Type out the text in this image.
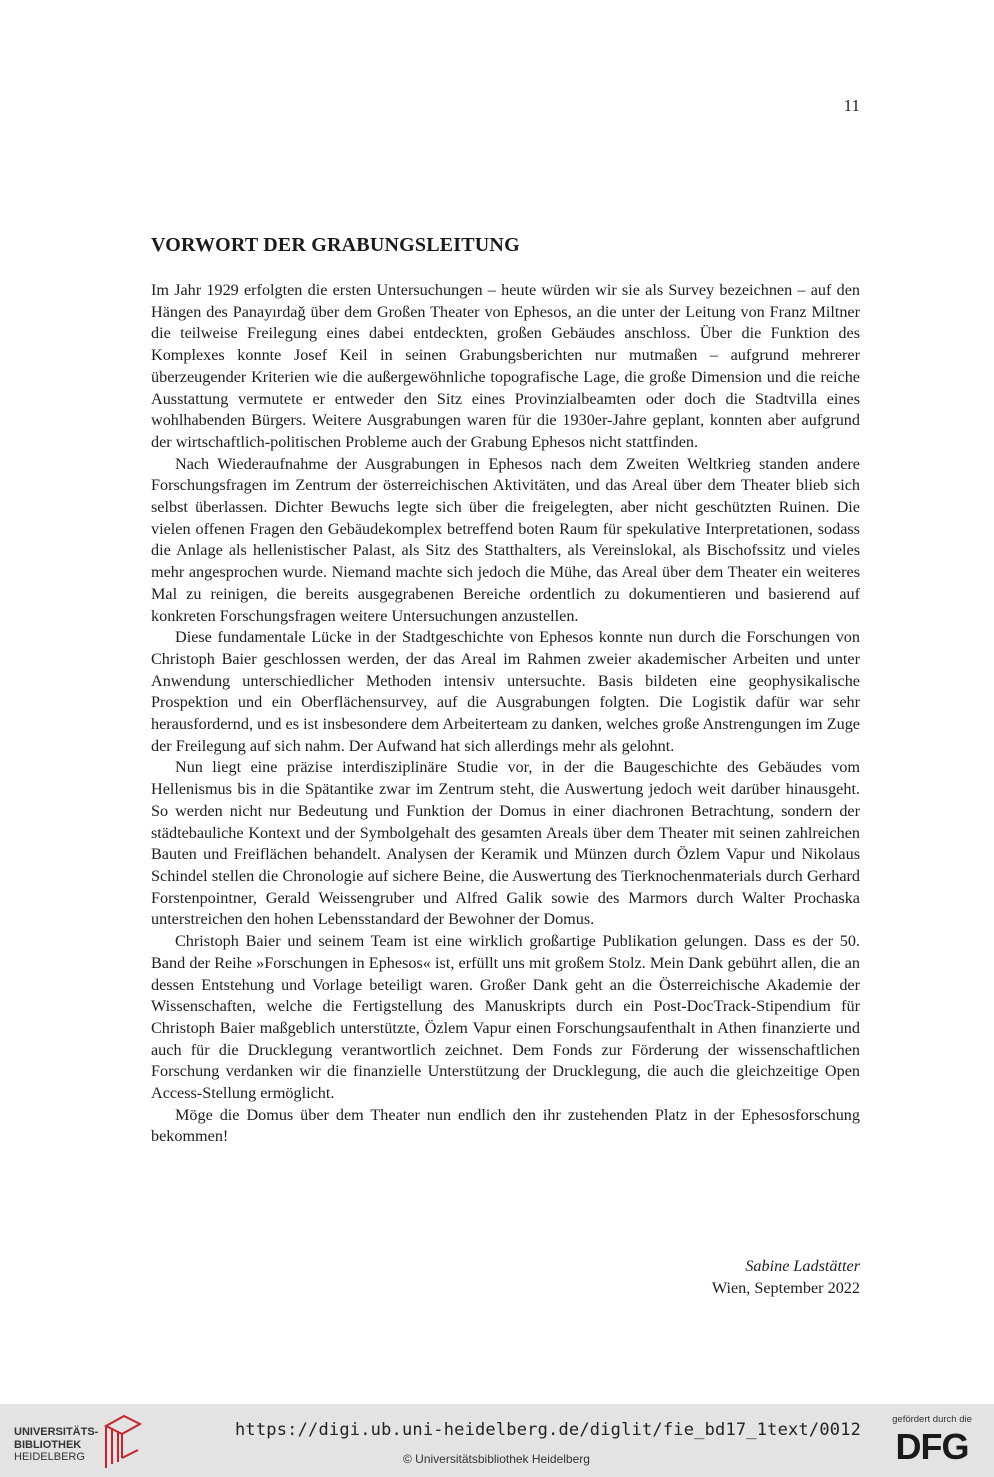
11
VORWORT DER GRABUNGSLEITUNG

Im Jahr 1929 erfolgten die ersten Untersuchungen – heute würden wir sie als Survey bezeichnen – auf den Hängen des Panayırdağ über dem Großen Theater von Ephesos, an die unter der Leitung von Franz Miltner die teilweise Freilegung eines dabei entdeckten, großen Gebäudes anschloss. Über die Funktion des Komplexes konnte Josef Keil in seinen Grabungsberichten nur mutmaßen – aufgrund mehrerer überzeugender Kriterien wie die außergewöhnliche topografische Lage, die große Dimension und die reiche Ausstattung vermutete er entweder den Sitz eines Provinzialbeamten oder doch die Stadtvilla eines wohlhabenden Bürgers. Weitere Ausgrabungen waren für die 1930er-Jahre geplant, konnten aber aufgrund der wirtschaftlich-politischen Probleme auch der Grabung Ephesos nicht stattfinden.

Nach Wiederaufnahme der Ausgrabungen in Ephesos nach dem Zweiten Weltkrieg standen andere Forschungsfragen im Zentrum der österreichischen Aktivitäten, und das Areal über dem Theater blieb sich selbst überlassen. Dichter Bewuchs legte sich über die freigelegten, aber nicht geschützten Ruinen. Die vielen offenen Fragen den Gebäudekomplex betreffend boten Raum für spekulative Interpretationen, sodass die Anlage als hellenistischer Palast, als Sitz des Statthalters, als Vereinslokal, als Bischofssitz und vieles mehr angesprochen wurde. Niemand machte sich jedoch die Mühe, das Areal über dem Theater ein weiteres Mal zu reinigen, die bereits ausgegrabenen Bereiche ordentlich zu dokumentieren und basierend auf konkreten Forschungsfragen weitere Untersuchungen anzustellen.

Diese fundamentale Lücke in der Stadtgeschichte von Ephesos konnte nun durch die Forschungen von Christoph Baier geschlossen werden, der das Areal im Rahmen zweier akademischer Arbeiten und unter Anwendung unterschiedlicher Methoden intensiv untersuchte. Basis bildeten eine geophysikalische Prospektion und ein Oberflächensurvey, auf die Ausgrabungen folgten. Die Logistik dafür war sehr herausfordernd, und es ist insbesondere dem Arbeiterteam zu danken, welches große Anstrengungen im Zuge der Freilegung auf sich nahm. Der Aufwand hat sich allerdings mehr als gelohnt.

Nun liegt eine präzise interdisziplinäre Studie vor, in der die Baugeschichte des Gebäudes vom Hellenismus bis in die Spätantike zwar im Zentrum steht, die Auswertung jedoch weit darüber hinausgeht. So werden nicht nur Bedeutung und Funktion der Domus in einer diachronen Betrachtung, sondern der städtebauliche Kontext und der Symbolgehalt des gesamten Areals über dem Theater mit seinen zahlreichen Bauten und Freiflächen behandelt. Analysen der Keramik und Münzen durch Özlem Vapur und Nikolaus Schindel stellen die Chronologie auf sichere Beine, die Auswertung des Tierknochenmaterials durch Gerhard Forstenpointner, Gerald Weissengruber und Alfred Galik sowie des Marmors durch Walter Prochaska unterstreichen den hohen Lebensstandard der Bewohner der Domus.

Christoph Baier und seinem Team ist eine wirklich großartige Publikation gelungen. Dass es der 50. Band der Reihe »Forschungen in Ephesos« ist, erfüllt uns mit großem Stolz. Mein Dank gebührt allen, die an dessen Entstehung und Vorlage beteiligt waren. Großer Dank geht an die Österreichische Akademie der Wissenschaften, welche die Fertigstellung des Manuskripts durch ein Post-DocTrack-Stipendium für Christoph Baier maßgeblich unterstützte, Özlem Vapur einen Forschungsaufenthalt in Athen finanzierte und auch für die Drucklegung verantwortlich zeichnet. Dem Fonds zur Förderung der wissenschaftlichen Forschung verdanken wir die finanzielle Unterstützung der Drucklegung, die auch die gleichzeitige Open Access-Stellung ermöglicht.

Möge die Domus über dem Theater nun endlich den ihr zustehenden Platz in der Ephesosforschung bekommen!

Sabine Ladstätter
Wien, September 2022
UNIVERSITÄTS-
BIBLIOTHEK
HEIDELBERG
https://digi.ub.uni-heidelberg.de/diglit/fie_bd17_1text/0012
© Universitätsbibliothek Heidelberg
gefördert durch die
DFG
